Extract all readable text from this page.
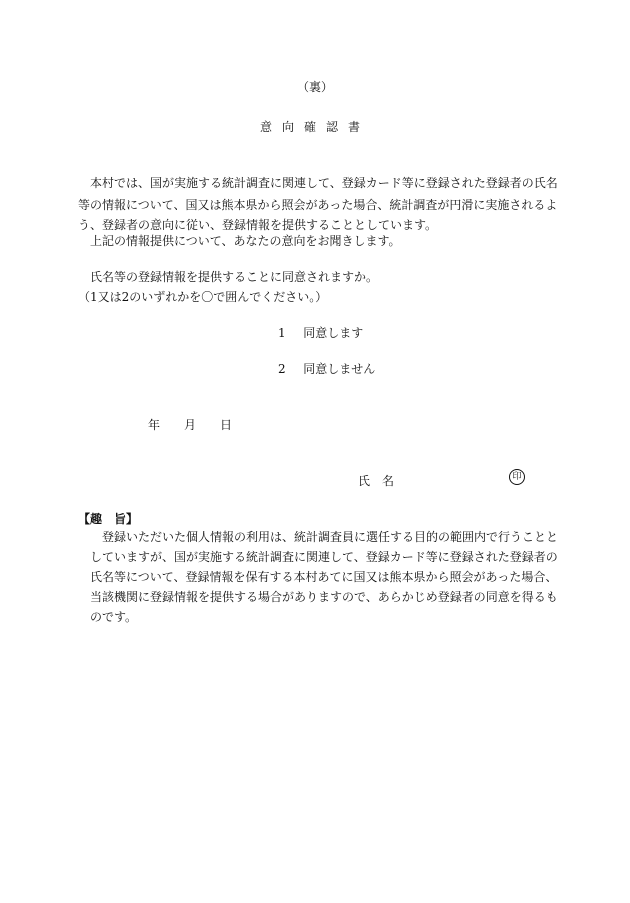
（裏）
意向確認書
　本村では、国が実施する統計調査に関連して、登録カード等に登録された登録者の氏名
等の情報について、国又は熊本県から照会があった場合、統計調査が円滑に実施されるよ
う、登録者の意向に従い、登録情報を提供することとしています。
　上記の情報提供について、あなたの意向をお聞きします。
　氏名等の登録情報を提供することに同意されますか。
（1又は2のいずれかを〇で囲んでください。）
1 同意します
2 同意しません
年 月 日
氏　名	印
【趣　旨】
　　登録いただいた個人情報の利用は、統計調査員に選任する目的の範囲内で行うことと
　していますが、国が実施する統計調査に関連して、登録カード等に登録された登録者の
　氏名等について、登録情報を保有する本村あてに国又は熊本県から照会があった場合、
　当該機関に登録情報を提供する場合がありますので、あらかじめ登録者の同意を得るも
　のです。
